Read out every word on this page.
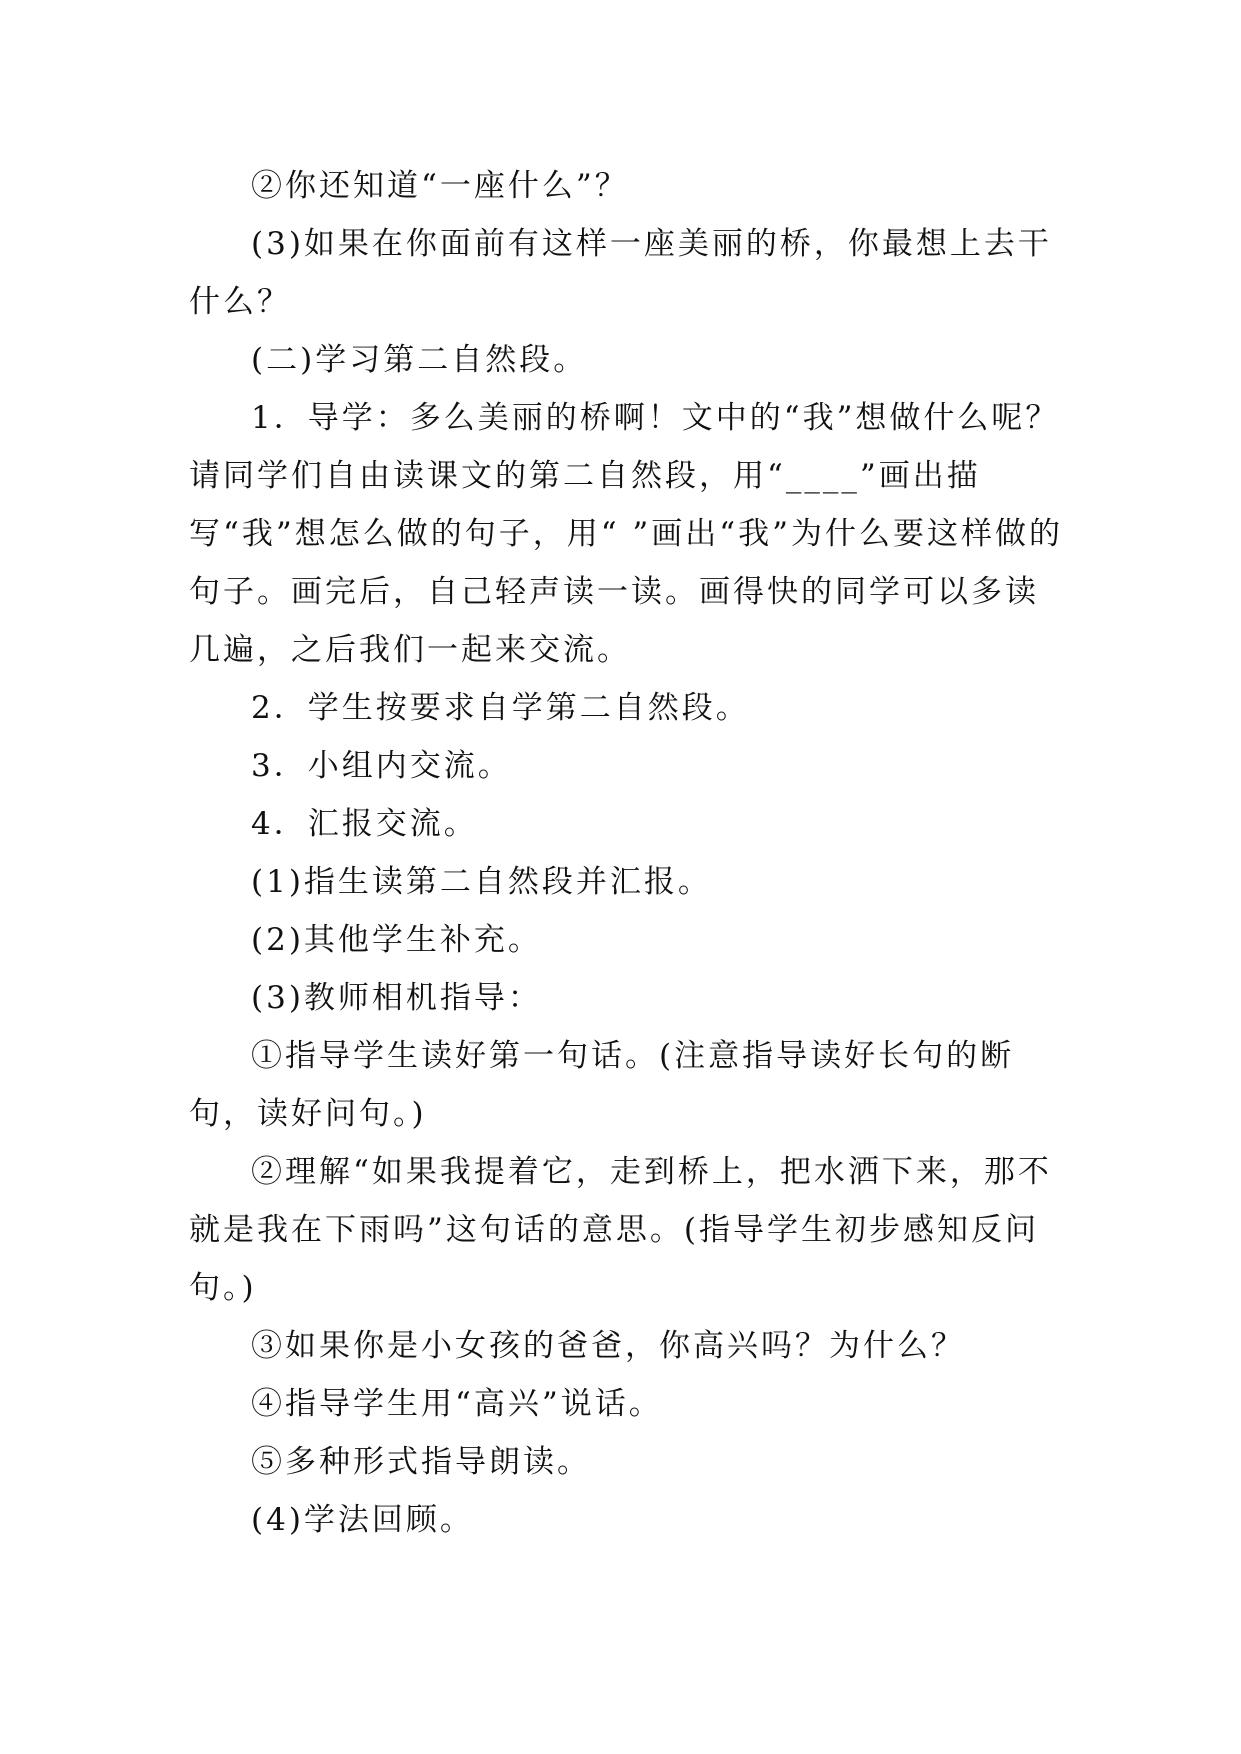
②你还知道“一座什么”？

(3)如果在你面前有这样一座美丽的桥，你最想上去干什么？

(二)学习第二自然段。

1．导学：多么美丽的桥啊！文中的“我”想做什么呢？请同学们自由读课文的第二自然段，用“____”画出描写“我”想怎么做的句子，用“ ”画出“我”为什么要这样做的句子。画完后，自己轻声读一读。画得快的同学可以多读几遍，之后我们一起来交流。

2．学生按要求自学第二自然段。

3．小组内交流。

4．汇报交流。

(1)指生读第二自然段并汇报。

(2)其他学生补充。

(3)教师相机指导：

①指导学生读好第一句话。(注意指导读好长句的断句，读好问句。)

②理解“如果我提着它，走到桥上，把水洒下来，那不就是我在下雨吗”这句话的意思。(指导学生初步感知反问句。)

③如果你是小女孩的爸爸，你高兴吗？为什么？

④指导学生用“高兴”说话。

⑤多种形式指导朗读。

(4)学法回顾。
